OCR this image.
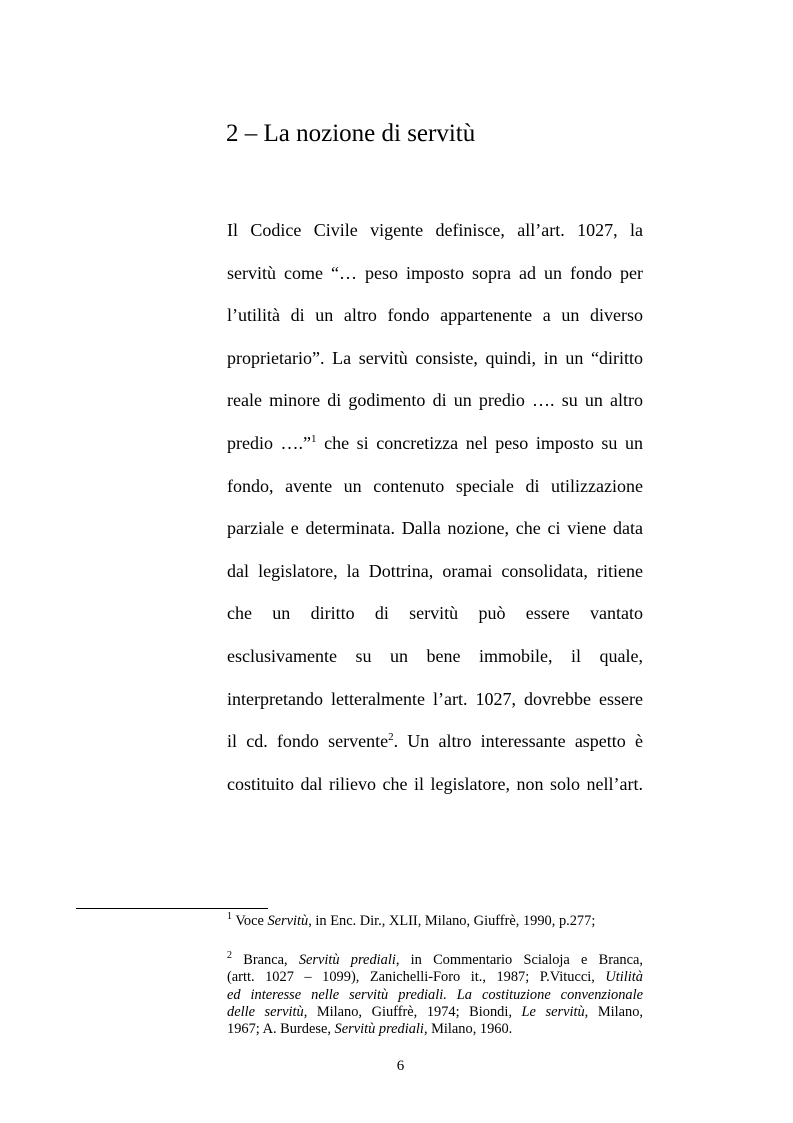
2 – La nozione di servitù
Il Codice Civile vigente definisce, all’art. 1027, la
servitù come “… peso imposto sopra ad un fondo per
l’utilità di un altro fondo appartenente a un diverso
proprietario”. La servitù consiste, quindi, in un “diritto
reale minore di godimento di un predio …. su un altro
predio ….”$^1$ che si concretizza nel peso imposto su un
fondo, avente un contenuto speciale di utilizzazione
parziale e determinata. Dalla nozione, che ci viene data
dal legislatore, la Dottrina, oramai consolidata, ritiene
che un diritto di servitù può essere vantato
esclusivamente su un bene immobile, il quale,
interpretando letteralmente l’art. 1027, dovrebbe essere
il cd. fondo servente$^2$. Un altro interessante aspetto è
costituito dal rilievo che il legislatore, non solo nell’art.
$^1$ Voce Servitù, in Enc. Dir., XLII, Milano, Giuffrè, 1990, p.277;
$^2$ Branca, Servitù prediali, in Commentario Scialoja e Branca,
(artt. 1027 – 1099), Zanichelli-Foro it., 1987; P.Vitucci, Utilità
ed interesse nelle servitù prediali. La costituzione convenzionale
delle servitù, Milano, Giuffrè, 1974; Biondi, Le servitù, Milano,
1967; A. Burdese, Servitù prediali, Milano, 1960.
6
